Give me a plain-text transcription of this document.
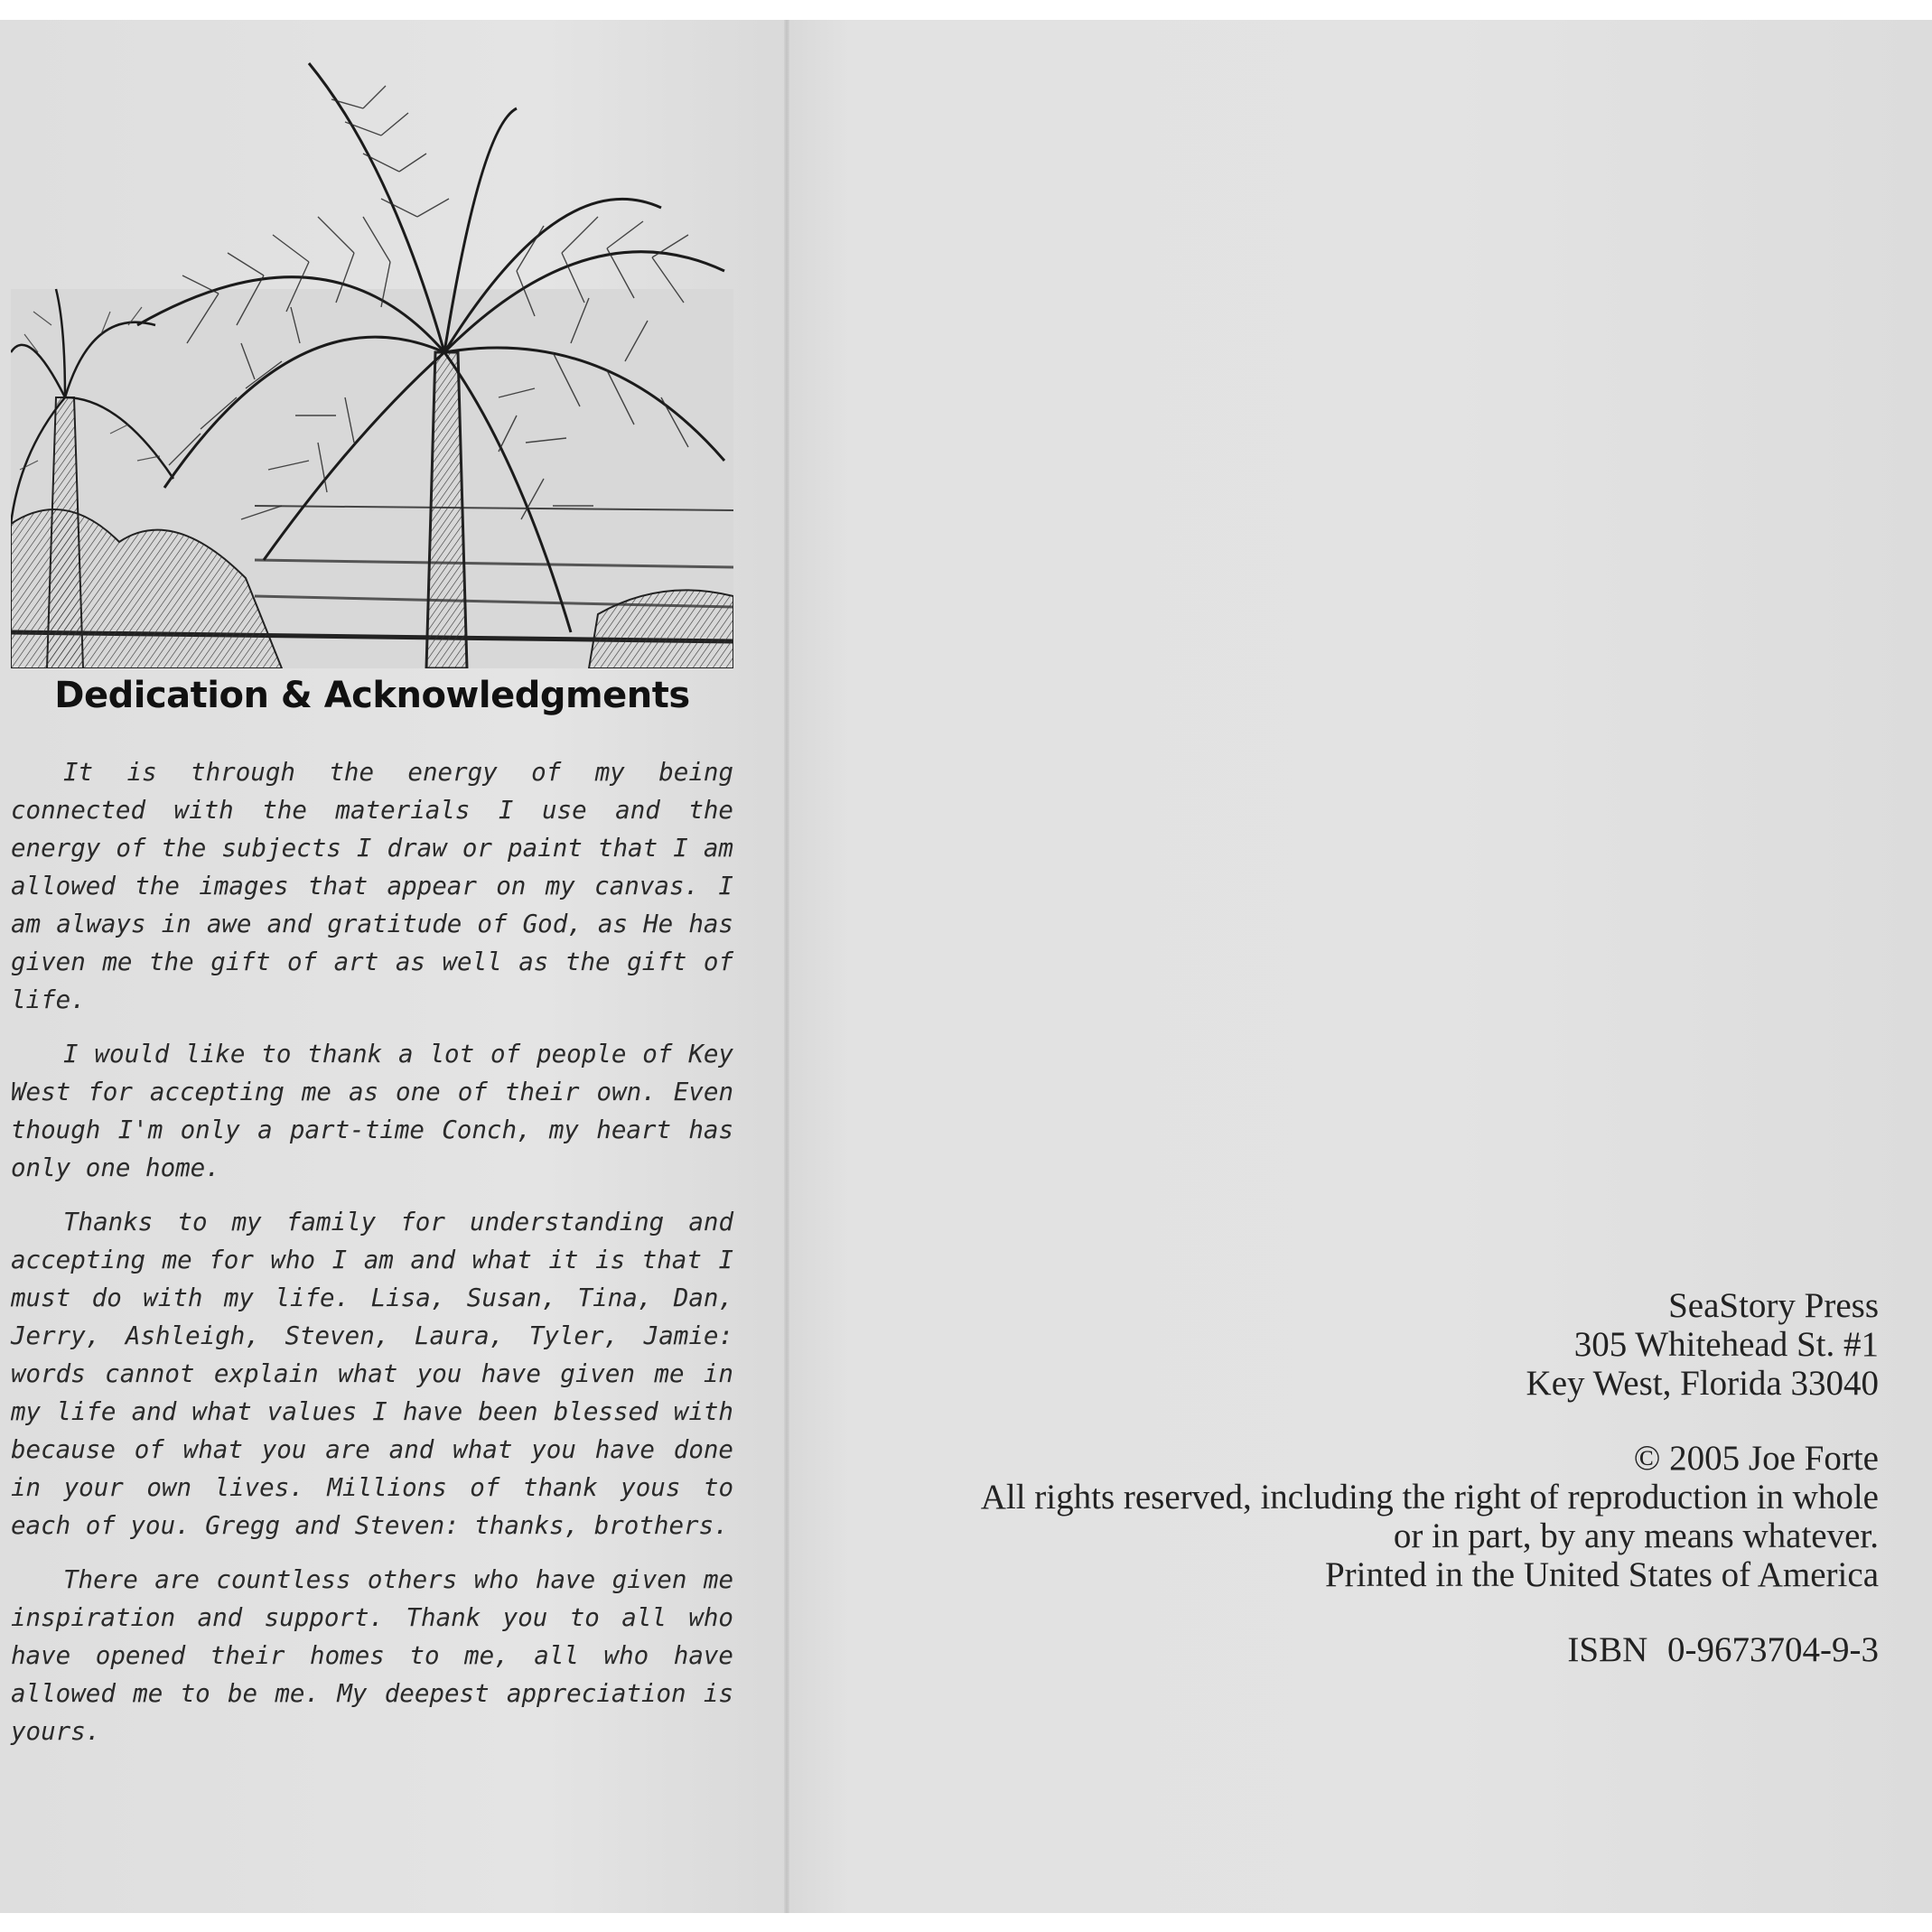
Dedication & Acknowledgments

It is through the energy of my being connected with the materials I use and the energy of the subjects I draw or paint that I am allowed the images that appear on my canvas. I am always in awe and gratitude of God, as He has given me the gift of art as well as the gift of life.

I would like to thank a lot of people of Key West for accepting me as one of their own. Even though I'm only a part-time Conch, my heart has only one home.

Thanks to my family for understanding and accepting me for who I am and what it is that I must do with my life. Lisa, Susan, Tina, Dan, Jerry, Ashleigh, Steven, Laura, Tyler, Jamie: words cannot explain what you have given me in my life and what values I have been blessed with because of what you are and what you have done in your own lives. Millions of thank yous to each of you. Gregg and Steven: thanks, brothers.

There are countless others who have given me inspiration and support. Thank you to all who have opened their homes to me, all who have allowed me to be me. My deepest appreciation is yours.

SeaStory Press
305 Whitehead St. #1
Key West, Florida 33040
© 2005 Joe Forte
All rights reserved, including the right of reproduction in whole
or in part, by any means whatever.
Printed in the United States of America
ISBN 0-9673704-9-3
